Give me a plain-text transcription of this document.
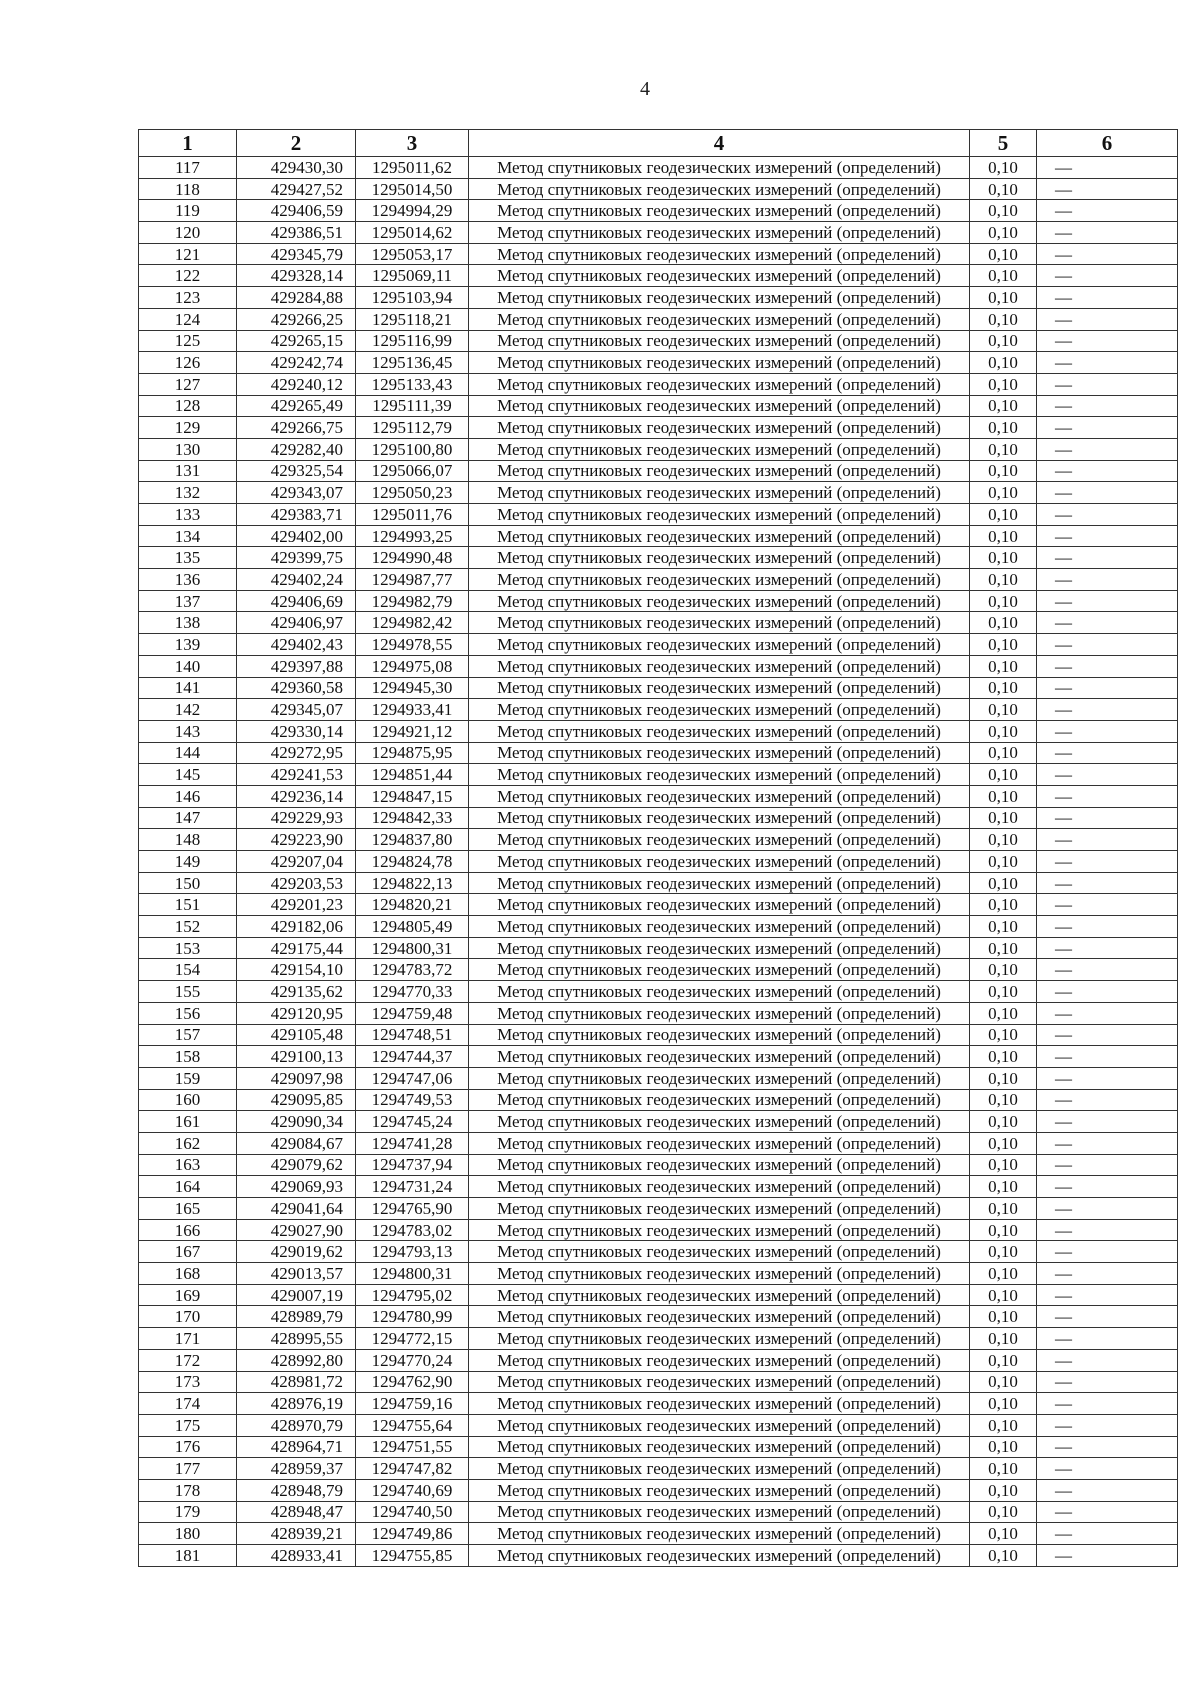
4
1	2	3	4	5	6
117	429430,30	1295011,62	Метод спутниковых геодезических измерений (определений)	0,10	—
118	429427,52	1295014,50	Метод спутниковых геодезических измерений (определений)	0,10	—
119	429406,59	1294994,29	Метод спутниковых геодезических измерений (определений)	0,10	—
120	429386,51	1295014,62	Метод спутниковых геодезических измерений (определений)	0,10	—
121	429345,79	1295053,17	Метод спутниковых геодезических измерений (определений)	0,10	—
122	429328,14	1295069,11	Метод спутниковых геодезических измерений (определений)	0,10	—
123	429284,88	1295103,94	Метод спутниковых геодезических измерений (определений)	0,10	—
124	429266,25	1295118,21	Метод спутниковых геодезических измерений (определений)	0,10	—
125	429265,15	1295116,99	Метод спутниковых геодезических измерений (определений)	0,10	—
126	429242,74	1295136,45	Метод спутниковых геодезических измерений (определений)	0,10	—
127	429240,12	1295133,43	Метод спутниковых геодезических измерений (определений)	0,10	—
128	429265,49	1295111,39	Метод спутниковых геодезических измерений (определений)	0,10	—
129	429266,75	1295112,79	Метод спутниковых геодезических измерений (определений)	0,10	—
130	429282,40	1295100,80	Метод спутниковых геодезических измерений (определений)	0,10	—
131	429325,54	1295066,07	Метод спутниковых геодезических измерений (определений)	0,10	—
132	429343,07	1295050,23	Метод спутниковых геодезических измерений (определений)	0,10	—
133	429383,71	1295011,76	Метод спутниковых геодезических измерений (определений)	0,10	—
134	429402,00	1294993,25	Метод спутниковых геодезических измерений (определений)	0,10	—
135	429399,75	1294990,48	Метод спутниковых геодезических измерений (определений)	0,10	—
136	429402,24	1294987,77	Метод спутниковых геодезических измерений (определений)	0,10	—
137	429406,69	1294982,79	Метод спутниковых геодезических измерений (определений)	0,10	—
138	429406,97	1294982,42	Метод спутниковых геодезических измерений (определений)	0,10	—
139	429402,43	1294978,55	Метод спутниковых геодезических измерений (определений)	0,10	—
140	429397,88	1294975,08	Метод спутниковых геодезических измерений (определений)	0,10	—
141	429360,58	1294945,30	Метод спутниковых геодезических измерений (определений)	0,10	—
142	429345,07	1294933,41	Метод спутниковых геодезических измерений (определений)	0,10	—
143	429330,14	1294921,12	Метод спутниковых геодезических измерений (определений)	0,10	—
144	429272,95	1294875,95	Метод спутниковых геодезических измерений (определений)	0,10	—
145	429241,53	1294851,44	Метод спутниковых геодезических измерений (определений)	0,10	—
146	429236,14	1294847,15	Метод спутниковых геодезических измерений (определений)	0,10	—
147	429229,93	1294842,33	Метод спутниковых геодезических измерений (определений)	0,10	—
148	429223,90	1294837,80	Метод спутниковых геодезических измерений (определений)	0,10	—
149	429207,04	1294824,78	Метод спутниковых геодезических измерений (определений)	0,10	—
150	429203,53	1294822,13	Метод спутниковых геодезических измерений (определений)	0,10	—
151	429201,23	1294820,21	Метод спутниковых геодезических измерений (определений)	0,10	—
152	429182,06	1294805,49	Метод спутниковых геодезических измерений (определений)	0,10	—
153	429175,44	1294800,31	Метод спутниковых геодезических измерений (определений)	0,10	—
154	429154,10	1294783,72	Метод спутниковых геодезических измерений (определений)	0,10	—
155	429135,62	1294770,33	Метод спутниковых геодезических измерений (определений)	0,10	—
156	429120,95	1294759,48	Метод спутниковых геодезических измерений (определений)	0,10	—
157	429105,48	1294748,51	Метод спутниковых геодезических измерений (определений)	0,10	—
158	429100,13	1294744,37	Метод спутниковых геодезических измерений (определений)	0,10	—
159	429097,98	1294747,06	Метод спутниковых геодезических измерений (определений)	0,10	—
160	429095,85	1294749,53	Метод спутниковых геодезических измерений (определений)	0,10	—
161	429090,34	1294745,24	Метод спутниковых геодезических измерений (определений)	0,10	—
162	429084,67	1294741,28	Метод спутниковых геодезических измерений (определений)	0,10	—
163	429079,62	1294737,94	Метод спутниковых геодезических измерений (определений)	0,10	—
164	429069,93	1294731,24	Метод спутниковых геодезических измерений (определений)	0,10	—
165	429041,64	1294765,90	Метод спутниковых геодезических измерений (определений)	0,10	—
166	429027,90	1294783,02	Метод спутниковых геодезических измерений (определений)	0,10	—
167	429019,62	1294793,13	Метод спутниковых геодезических измерений (определений)	0,10	—
168	429013,57	1294800,31	Метод спутниковых геодезических измерений (определений)	0,10	—
169	429007,19	1294795,02	Метод спутниковых геодезических измерений (определений)	0,10	—
170	428989,79	1294780,99	Метод спутниковых геодезических измерений (определений)	0,10	—
171	428995,55	1294772,15	Метод спутниковых геодезических измерений (определений)	0,10	—
172	428992,80	1294770,24	Метод спутниковых геодезических измерений (определений)	0,10	—
173	428981,72	1294762,90	Метод спутниковых геодезических измерений (определений)	0,10	—
174	428976,19	1294759,16	Метод спутниковых геодезических измерений (определений)	0,10	—
175	428970,79	1294755,64	Метод спутниковых геодезических измерений (определений)	0,10	—
176	428964,71	1294751,55	Метод спутниковых геодезических измерений (определений)	0,10	—
177	428959,37	1294747,82	Метод спутниковых геодезических измерений (определений)	0,10	—
178	428948,79	1294740,69	Метод спутниковых геодезических измерений (определений)	0,10	—
179	428948,47	1294740,50	Метод спутниковых геодезических измерений (определений)	0,10	—
180	428939,21	1294749,86	Метод спутниковых геодезических измерений (определений)	0,10	—
181	428933,41	1294755,85	Метод спутниковых геодезических измерений (определений)	0,10	—
